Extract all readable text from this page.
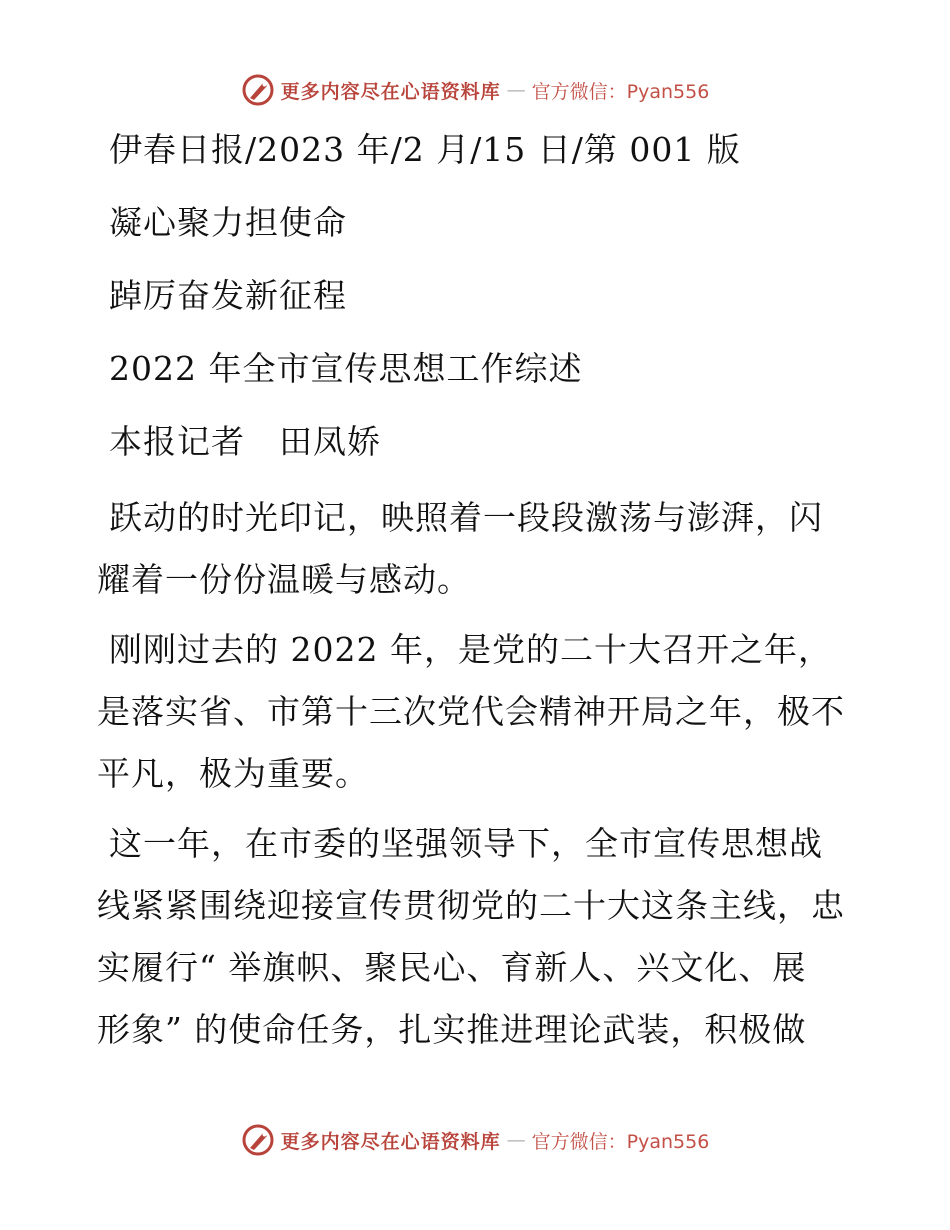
更多内容尽在心语资料库 — 官方微信：Pyan556

伊春日报/2023 年/2 月/15 日/第 001 版

凝心聚力担使命

踔厉奋发新征程

2022 年全市宣传思想工作综述

本报记者　田凤娇

跃动的时光印记，映照着一段段激荡与澎湃，闪

耀着一份份温暖与感动。

刚刚过去的 2022 年，是党的二十大召开之年，

是落实省、市第十三次党代会精神开局之年，极不

平凡，极为重要。

这一年，在市委的坚强领导下，全市宣传思想战

线紧紧围绕迎接宣传贯彻党的二十大这条主线，忠

实履行“ 举旗帜、聚民心、育新人、兴文化、展

形象” 的使命任务，扎实推进理论武装，积极做

更多内容尽在心语资料库 — 官方微信：Pyan556
